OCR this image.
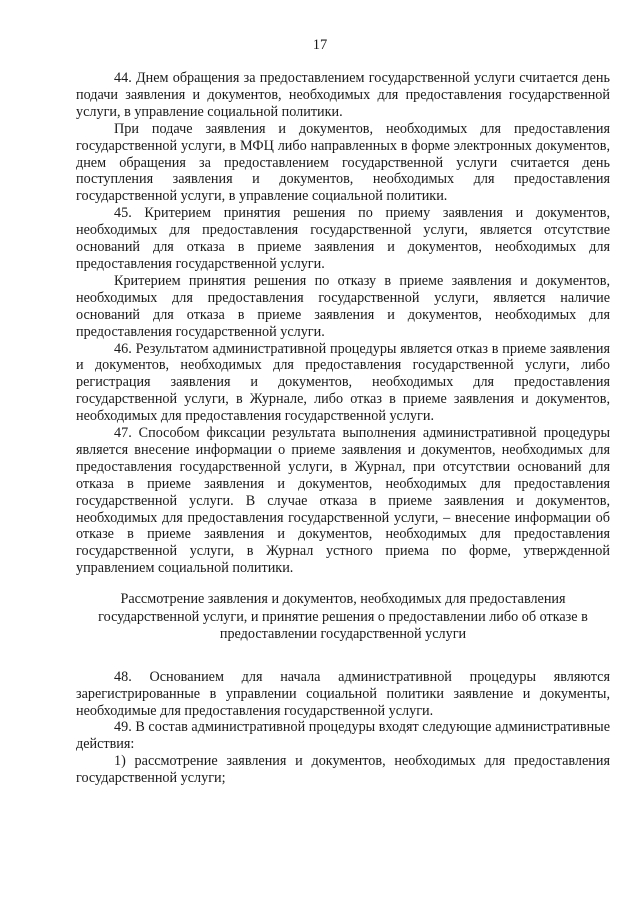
17

44. Днем обращения за предоставлением государственной услуги считается день подачи заявления и документов, необходимых для предоставления государственной услуги, в управление социальной политики.

При подаче заявления и документов, необходимых для предоставления государственной услуги, в МФЦ либо направленных в форме электронных документов, днем обращения за предоставлением государственной услуги считается день поступления заявления и документов, необходимых для предоставления государственной услуги, в управление социальной политики.

45. Критерием принятия решения по приему заявления и документов, необходимых для предоставления государственной услуги, является отсутствие оснований для отказа в приеме заявления и документов, необходимых для предоставления государственной услуги.

Критерием принятия решения по отказу в приеме заявления и документов, необходимых для предоставления государственной услуги, является наличие оснований для отказа в приеме заявления и документов, необходимых для предоставления государственной услуги.

46. Результатом административной процедуры является отказ в приеме заявления и документов, необходимых для предоставления государственной услуги, либо регистрация заявления и документов, необходимых для предоставления государственной услуги, в Журнале, либо отказ в приеме заявления и документов, необходимых для предоставления государственной услуги.

47. Способом фиксации результата выполнения административной процедуры является внесение информации о приеме заявления и документов, необходимых для предоставления государственной услуги, в Журнал, при отсутствии оснований для отказа в приеме заявления и документов, необходимых для предоставления государственной услуги. В случае отказа в приеме заявления и документов, необходимых для предоставления государственной услуги, – внесение информации об отказе в приеме заявления и документов, необходимых для предоставления государственной услуги, в Журнал устного приема по форме, утвержденной управлением социальной политики.

Рассмотрение заявления и документов, необходимых для предоставления государственной услуги, и принятие решения о предоставлении либо об отказе в предоставлении государственной услуги

48. Основанием для начала административной процедуры являются зарегистрированные в управлении социальной политики заявление и документы, необходимые для предоставления государственной услуги.

49. В состав административной процедуры входят следующие административные действия:

1) рассмотрение заявления и документов, необходимых для предоставления государственной услуги;
